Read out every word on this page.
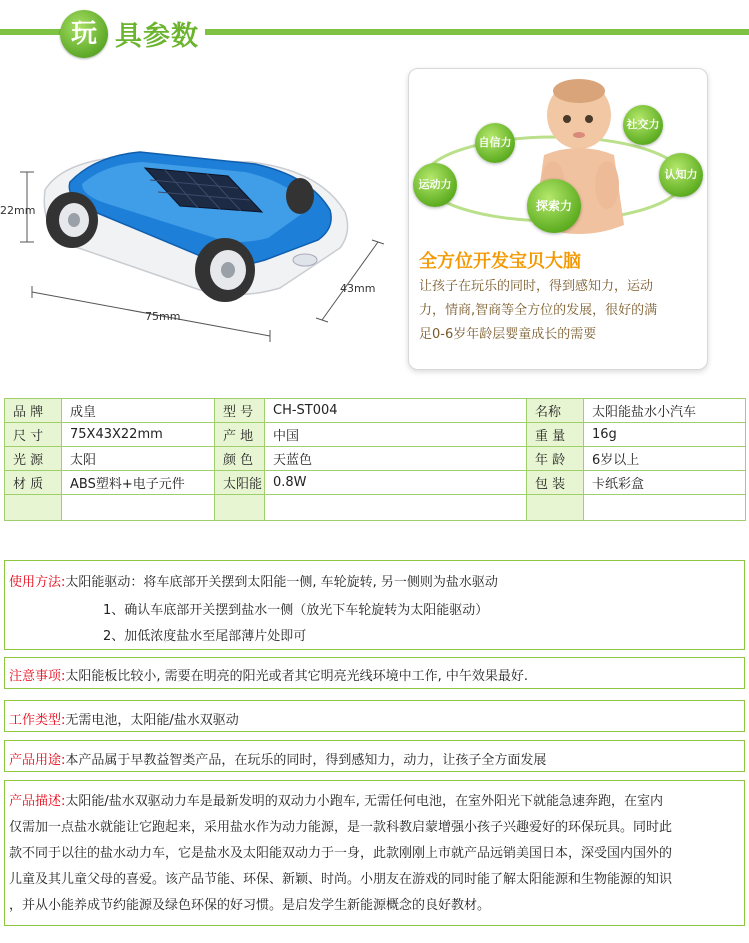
玩 具参数
22mm
75mm
43mm
自信力
社交力
运动力
认知力
探索力
全方位开发宝贝大脑
让孩子在玩乐的同时，得到感知力，运动
力，情商,智商等全方位的发展，很好的满
足0-6岁年龄层婴童成长的需要
品 牌	成皇	型 号	CH-ST004	名称	太阳能盐水小汽车
尺 寸	75X43X22mm	产 地	中国	重 量	16g
光 源	太阳	颜 色	天蓝色	年 龄	6岁以上
材 质	ABS塑料+电子元件	太阳能	0.8W	包 装	卡纸彩盒

使用方法:太阳能驱动：将车底部开关摆到太阳能一侧, 车轮旋转, 另一侧则为盐水驱动

1、确认车底部开关摆到盐水一侧（放光下车轮旋转为太阳能驱动）

2、加低浓度盐水至尾部薄片处即可

注意事项:太阳能板比较小, 需要在明亮的阳光或者其它明亮光线环境中工作, 中午效果最好.

工作类型:无需电池，太阳能/盐水双驱动

产品用途:本产品属于早教益智类产品，在玩乐的同时，得到感知力，动力，让孩子全方面发展

产品描述:太阳能/盐水双驱动力车是最新发明的双动力小跑车, 无需任何电池，在室外阳光下就能急速奔跑，在室内
仅需加一点盐水就能让它跑起来，采用盐水作为动力能源，是一款科教启蒙增强小孩子兴趣爱好的环保玩具。同时此
款不同于以往的盐水动力车，它是盐水及太阳能双动力于一身，此款刚刚上市就产品远销美国日本，深受国内国外的
儿童及其儿童父母的喜爱。该产品节能、环保、新颖、时尚。小朋友在游戏的同时能了解太阳能源和生物能源的知识
，并从小能养成节约能源及绿色环保的好习惯。是启发学生新能源概念的良好教材。
